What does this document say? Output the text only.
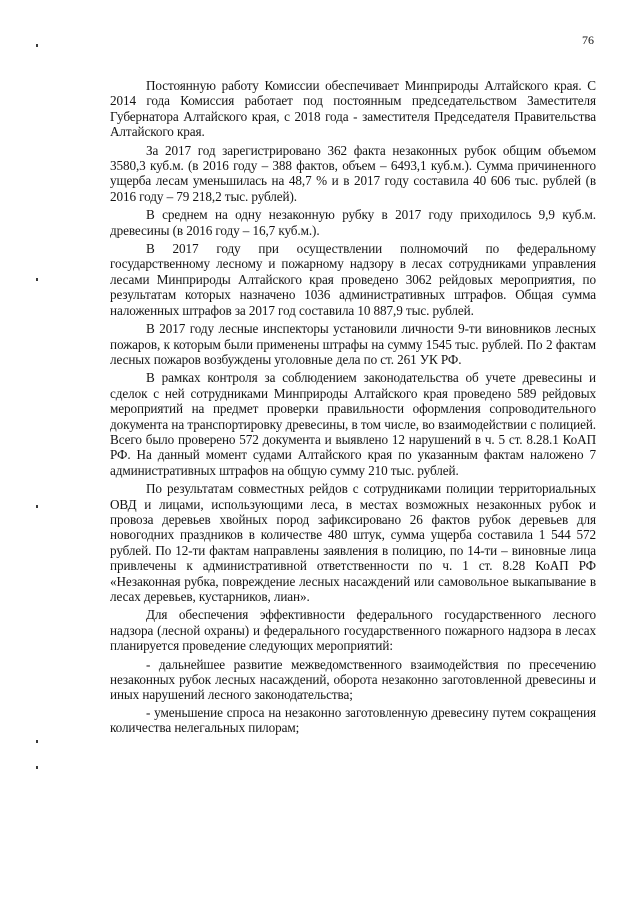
76

Постоянную работу Комиссии обеспечивает Минприроды Алтайского края. С 2014 года Комиссия работает под постоянным председательством Заместителя Губернатора Алтайского края, с 2018 года - заместителя Председателя Правительства Алтайского края.

За 2017 год зарегистрировано 362 факта незаконных рубок общим объемом 3580,3 куб.м. (в 2016 году – 388 фактов, объем – 6493,1 куб.м.). Сумма причиненного ущерба лесам уменьшилась на 48,7 % и в 2017 году составила 40 606 тыс. рублей (в 2016 году – 79 218,2 тыс. рублей).

В среднем на одну незаконную рубку в 2017 году приходилось 9,9 куб.м. древесины (в 2016 году – 16,7 куб.м.).

В 2017 году при осуществлении полномочий по федеральному государственному лесному и пожарному надзору в лесах сотрудниками управления лесами Минприроды Алтайского края проведено 3062 рейдовых мероприятия, по результатам которых назначено 1036 административных штрафов. Общая сумма наложенных штрафов за 2017 год составила 10 887,9 тыс. рублей.

В 2017 году лесные инспекторы установили личности 9-ти виновников лесных пожаров, к которым были применены штрафы на сумму 1545 тыс. рублей. По 2 фактам лесных пожаров возбуждены уголовные дела по ст. 261 УК РФ.

В рамках контроля за соблюдением законодательства об учете древесины и сделок с ней сотрудниками Минприроды Алтайского края проведено 589 рейдовых мероприятий на предмет проверки правильности оформления сопроводительного документа на транспортировку древесины, в том числе, во взаимодействии с полицией. Всего было проверено 572 документа и выявлено 12 нарушений в ч. 5 ст. 8.28.1 КоАП РФ. На данный момент судами Алтайского края по указанным фактам наложено 7 административных штрафов на общую сумму 210 тыс. рублей.

По результатам совместных рейдов с сотрудниками полиции территориальных ОВД и лицами, использующими леса, в местах возможных незаконных рубок и провоза деревьев хвойных пород зафиксировано 26 фактов рубок деревьев для новогодних праздников в количестве 480 штук, сумма ущерба составила 1 544 572 рублей. По 12-ти фактам направлены заявления в полицию, по 14-ти – виновные лица привлечены к административной ответственности по ч. 1 ст. 8.28 КоАП РФ «Незаконная рубка, повреждение лесных насаждений или самовольное выкапывание в лесах деревьев, кустарников, лиан».

Для обеспечения эффективности федерального государственного лесного надзора (лесной охраны) и федерального государственного пожарного надзора в лесах планируется проведение следующих мероприятий:

- дальнейшее развитие межведомственного взаимодействия по пресечению незаконных рубок лесных насаждений, оборота незаконно заготовленной древесины и иных нарушений лесного законодательства;

- уменьшение спроса на незаконно заготовленную древесину путем сокращения количества нелегальных пилорам;
